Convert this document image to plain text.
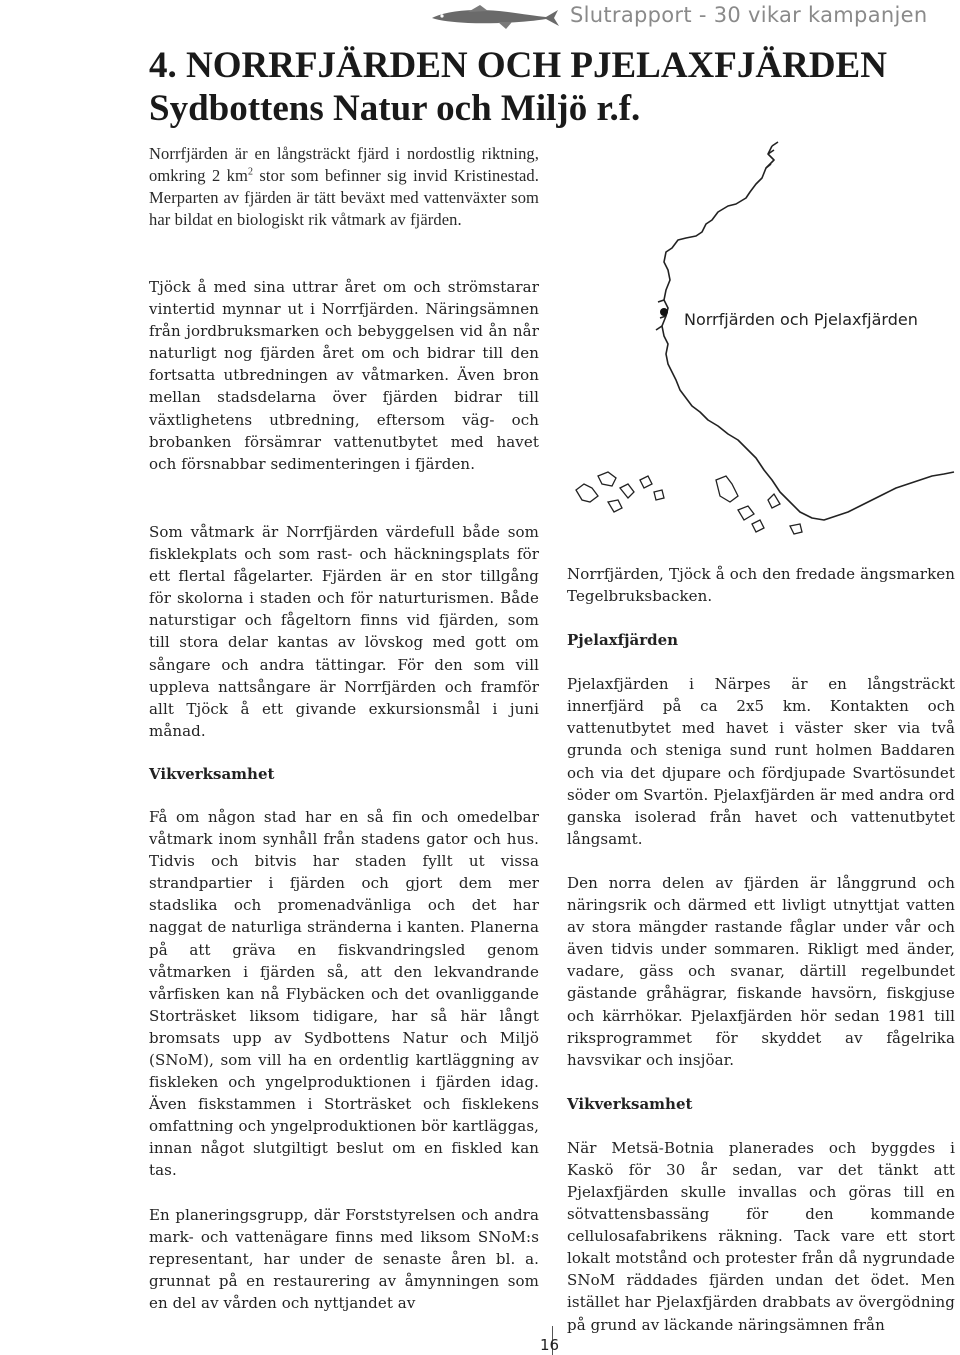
Slutrapport - 30 vikar kampanjen
4. NORRFJÄRDEN OCH PJELAXFJÄRDEN
Sydbottens Natur och Miljö r.f.

Norrfjärden är en långsträckt fjärd i nordostlig riktning, omkring 2 $km^2$ stor som befinner sig invid Kristinestad. Merparten av fjärden är tätt beväxt med vattenväxter som har bildat en biologiskt rik våtmark av fjärden.

Tjöck å med sina uttrar året om och strömstarar vintertid mynnar ut i Norrfjärden. Näringsämnen från jordbruksmarken och bebyggelsen vid ån når naturligt nog fjärden året om och bidrar till den fortsatta utbredningen av våtmarken. Även bron mellan stadsdelarna över fjärden bidrar till växtlighetens utbredning, eftersom väg- och brobanken försämrar vattenutbytet med havet och försnabbar sedimenteringen i fjärden.

Som våtmark är Norrfjärden värdefull både som fisklekplats och som rast- och häckningsplats för ett flertal fågelarter. Fjärden är en stor tillgång för skolorna i staden och för naturturismen. Både naturstigar och fågeltorn finns vid fjärden, som till stora delar kantas av lövskog med gott om sångare och andra tättingar. För den som vill uppleva nattsångare är Norrfjärden och framför allt Tjöck å ett givande exkursionsmål i juni månad.

Vikverksamhet

Få om någon stad har en så fin och omedelbar våtmark inom synhåll från stadens gator och hus. Tidvis och bitvis har staden fyllt ut vissa strandpartier i fjärden och gjort dem mer stadslika och promenadvänliga och det har naggat de naturliga stränderna i kanten. Planerna på att gräva en fiskvandringsled genom våtmarken i fjärden så, att den lekvandrande vårfisken kan nå Flybäcken och det ovanliggande Storträsket liksom tidigare, har så här långt bromsats upp av Sydbottens Natur och Miljö (SNoM), som vill ha en ordentlig kartläggning av fiskleken och yngelproduktionen i fjärden idag. Även fiskstammen i Storträsket och fisklekens omfattning och yngelproduktionen bör kartläggas, innan något slutgiltigt beslut om en fiskled kan tas.

En planeringsgrupp, där Forststyrelsen och andra mark- och vattenägare finns med liksom SNoM:s representant, har under de senaste åren bl. a. grunnat på en restaurering av åmynningen som en del av vården och nyttjandet av

Norrfjärden och Pjelaxfjärden

Norrfjärden, Tjöck å och den fredade ängsmarken Tegelbruksbacken.

Pjelaxfjärden

Pjelaxfjärden i Närpes är en långsträckt innerfjärd på ca 2x5 km. Kontakten och vattenutbytet med havet i väster sker via två grunda och steniga sund runt holmen Baddaren och via det djupare och fördjupade Svartösundet söder om Svartön. Pjelaxfjärden är med andra ord ganska isolerad från havet och vattenutbytet långsamt.

Den norra delen av fjärden är långgrund och näringsrik och därmed ett livligt utnyttjat vatten av stora mängder rastande fåglar under vår och även tidvis under sommaren. Rikligt med änder, vadare, gäss och svanar, därtill regelbundet gästande gråhägrar, fiskande havsörn, fiskgjuse och kärrhökar. Pjelaxfjärden hör sedan 1981 till riksprogrammet för skyddet av fågelrika havsvikar och insjöar.

Vikverksamhet

När Metsä-Botnia planerades och byggdes i Kaskö för 30 år sedan, var det tänkt att Pjelaxfjärden skulle invallas och göras till en sötvattensbassäng för den kommande cellulosafabrikens räkning. Tack vare ett stort lokalt motstånd och protester från då nygrundade SNoM räddades fjärden undan det ödet. Men istället har Pjelaxfjärden drabbats av övergödning på grund av läckande näringsämnen från

16
